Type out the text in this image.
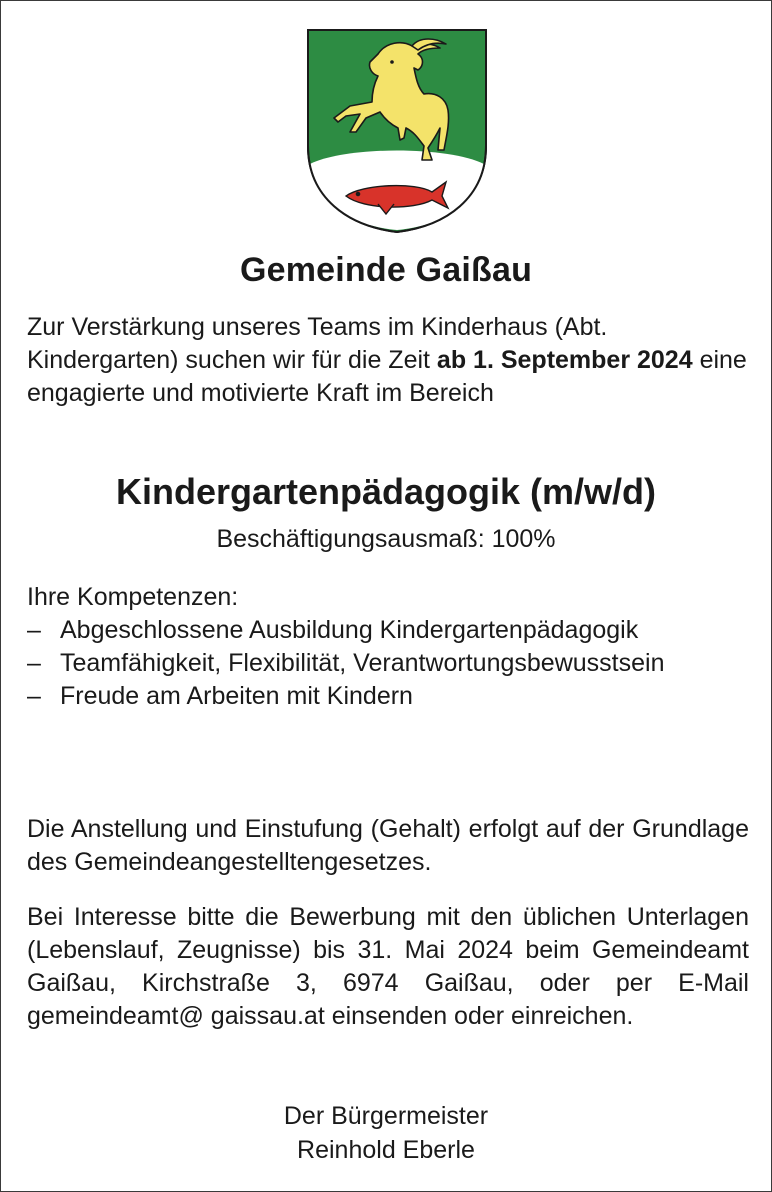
Gemeinde Gaißau
Zur Verstärkung unseres Teams im Kinderhaus (Abt. Kindergarten) suchen wir für die Zeit ab 1. September 2024 eine engagierte und motivierte Kraft im Bereich
Kindergartenpädagogik (m/w/d)
Beschäftigungsausmaß: 100%
Ihre Kompetenzen:
– Abgeschlossene Ausbildung Kindergartenpädagogik
– Teamfähigkeit, Flexibilität, Verantwortungsbewusstsein
– Freude am Arbeiten mit Kindern
Die Anstellung und Einstufung (Gehalt) erfolgt auf der Grundlage des Gemeindeangestelltengesetzes.
Bei Interesse bitte die Bewerbung mit den üblichen Unterlagen (Lebenslauf, Zeugnisse) bis 31. Mai 2024 beim Gemeindeamt Gaißau, Kirchstraße 3, 6974 Gaißau, oder per E-Mail gemeindeamt@ gaissau.at einsenden oder einreichen.
Der Bürgermeister
Reinhold Eberle
